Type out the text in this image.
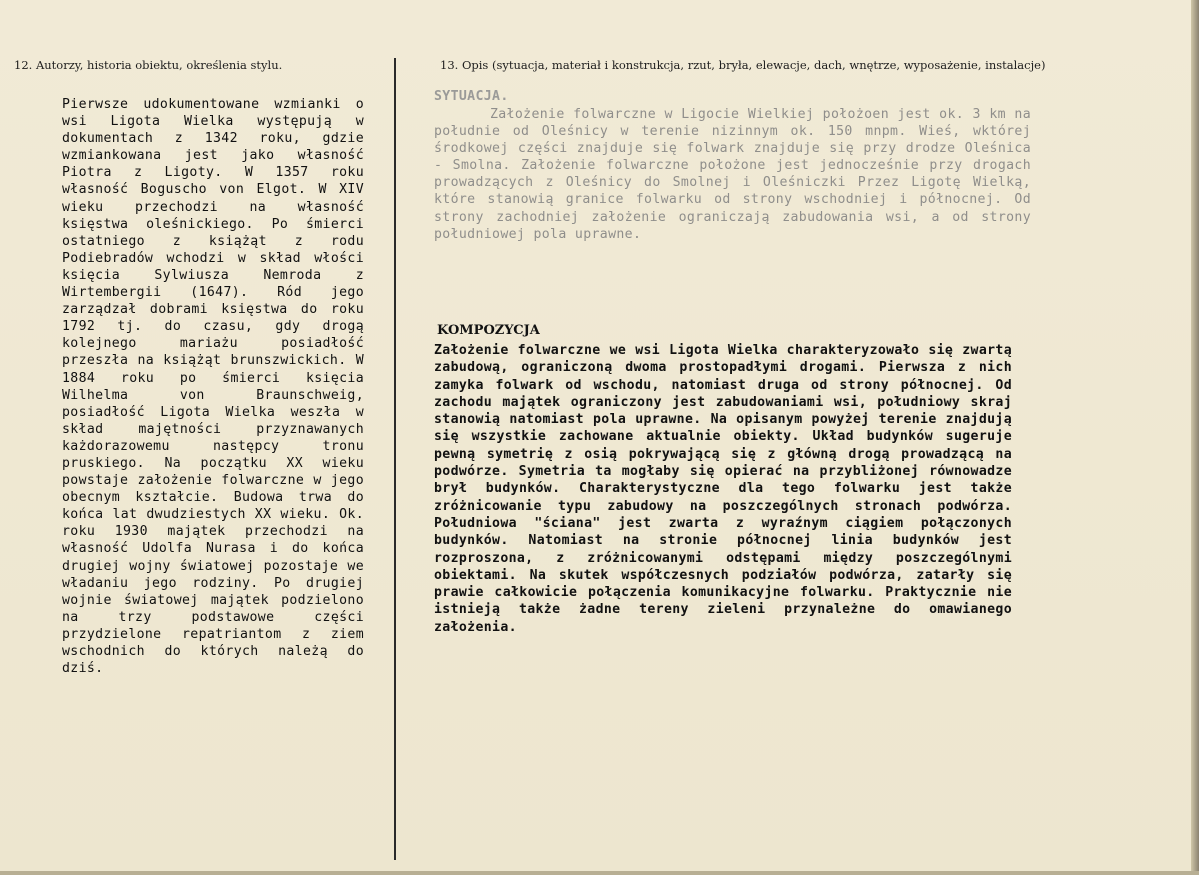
12. Autorzy, historia obiektu, określenia stylu.	13. Opis (sytuacja, materiał i konstrukcja, rzut, bryła, elewacje, dach, wnętrze, wyposażenie, instalacje)

Pierwsze udokumentowane wzmianki o wsi Ligota Wielka występują w dokumentach z 1342 roku, gdzie wzmiankowana jest jako własność Piotra z Ligoty. W 1357 roku własność Boguscho von Elgot. W XIV wieku przechodzi na własność księstwa oleśnickiego. Po śmierci ostatniego z książąt z rodu Podiebradów wchodzi w skład włości księcia Sylwiusza Nemroda z Wirtembergii (1647). Ród jego zarządzał dobrami księstwa do roku 1792 tj. do czasu, gdy drogą kolejnego mariażu posiadłość przeszła na książąt brunszwickich. W 1884 roku po śmierci księcia Wilhelma von Braunschweig, posiadłość Ligota Wielka weszła w skład majętności przyznawanych każdorazowemu następcy tronu pruskiego. Na początku XX wieku powstaje założenie folwarczne w jego obecnym kształcie. Budowa trwa do końca lat dwudziestych XX wieku. Ok. roku 1930 majątek przechodzi na własność Udolfa Nurasa i do końca drugiej wojny światowej pozostaje we władaniu jego rodziny. Po drugiej wojnie światowej majątek podzielono na trzy podstawowe części przydzielone repatriantom z ziem wschodnich do których należą do dziś.

SYTUACJA.

Założenie folwarczne w Ligocie Wielkiej położoen jest ok. 3 km na południe od Oleśnicy w terenie nizinnym ok. 150 mnpm. Wieś, wktórej środkowej części znajduje się folwark znajduje się przy drodze Oleśnica - Smolna. Założenie folwarczne położone jest jednocześnie przy drogach prowadzących z Oleśnicy do Smolnej i Oleśniczki Przez Ligotę Wielką, które stanowią granice folwarku od strony wschodniej i północnej. Od strony zachodniej założenie ograniczają zabudowania wsi, a od strony południowej pola uprawne.

KOMPOZYCJA

Założenie folwarczne we wsi Ligota Wielka charakteryzowało się zwartą zabudową, ograniczoną dwoma prostopadłymi drogami. Pierwsza z nich zamyka folwark od wschodu, natomiast druga od strony północnej. Od zachodu majątek ograniczony jest zabudowaniami wsi, południowy skraj stanowią natomiast pola uprawne. Na opisanym powyżej terenie znajdują się wszystkie zachowane aktualnie obiekty. Układ budynków sugeruje pewną symetrię z osią pokrywającą się z główną drogą prowadzącą na podwórze. Symetria ta mogłaby się opierać na przybliżonej równowadze brył budynków. Charakterystyczne dla tego folwarku jest także zróżnicowanie typu zabudowy na poszczególnych stronach podwórza. Południowa "ściana" jest zwarta z wyraźnym ciągiem połączonych budynków. Natomiast na stronie północnej linia budynków jest rozproszona, z zróżnicowanymi odstępami między poszczególnymi obiektami. Na skutek współczesnych podziałów podwórza, zatarły się prawie całkowicie połączenia komunikacyjne folwarku. Praktycznie nie istnieją także żadne tereny zieleni przynależne do omawianego założenia.
